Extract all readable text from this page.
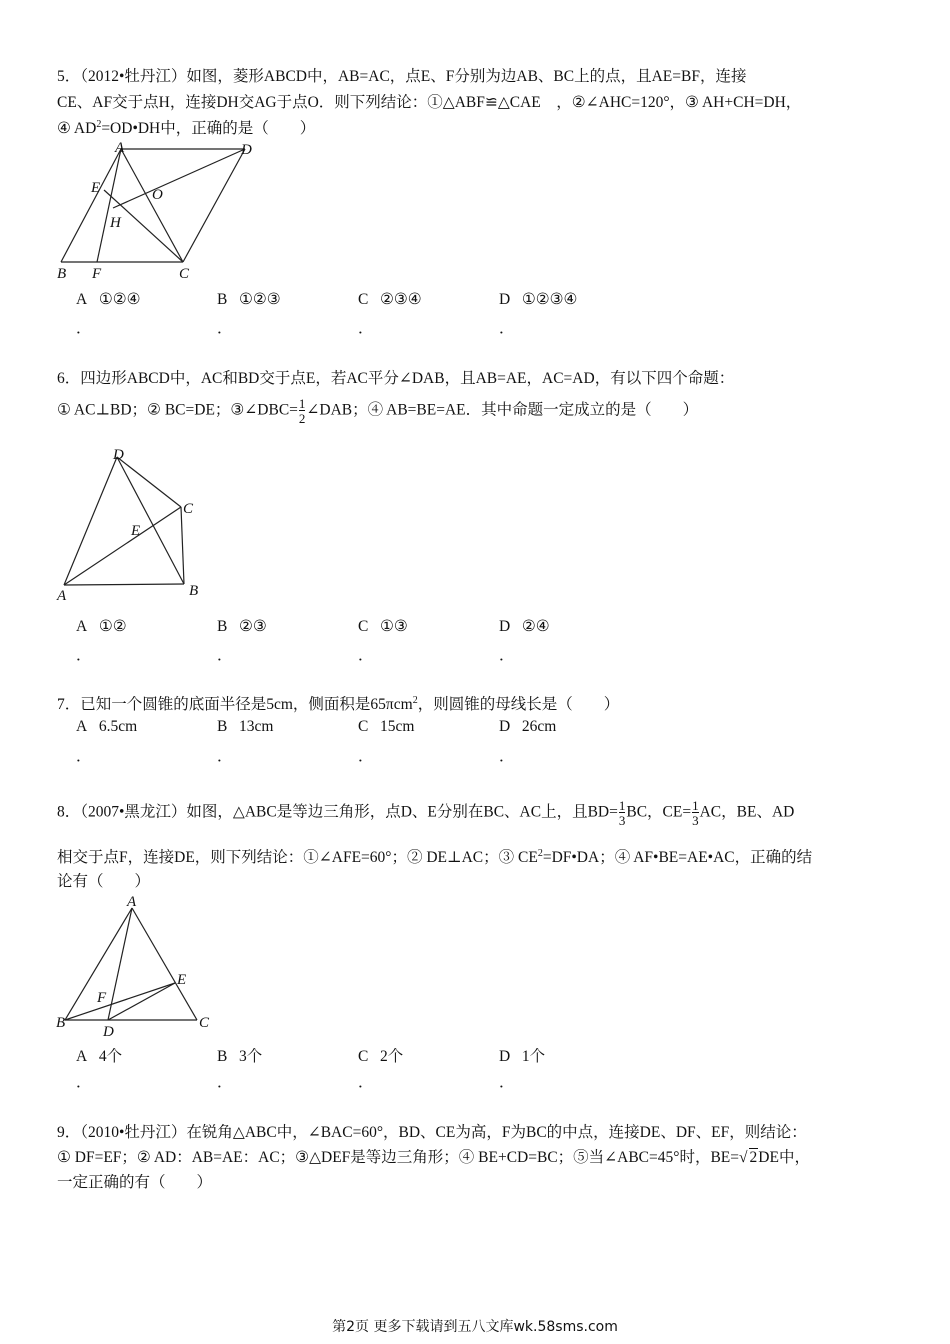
5．（2012•牡丹江）如图，菱形ABCD中，AB=AC，点E、F分别为边AB、BC上的点，且AE=BF，连接
CE、AF交于点H，连接DH交AG于点O．则下列结论：①△ABF≌△CAE　，②∠AHC=120°，③ AH+CH=DH，
④ $AD^2=OD•DH$中，正确的是（　　）
A	D
E	O
H
B F	C
A ①②④	B ①②③	C ②③④	D ①②③④
．	．	．	．
6．四边形ABCD中，AC和BD交于点E，若AC平分∠DAB，且AB=AE，AC=AD，有以下四个命题：
① AC⊥BD；② BC=DE；③∠DBC= $\frac{1}{2}$ ∠DAB；④ AB=BE=AE．其中命题一定成立的是（　　）
D
C
E
A	B
A ①②	B ②③	C ①③	D ②④
．	．	．	．
7．已知一个圆锥的底面半径是5cm，侧面积是65πcm$^2$，则圆锥的母线长是（　　）
A 6.5cm	B 13cm	C 15cm	D 26cm
．	．	．	．
8．（2007•黑龙江）如图，△ABC是等边三角形，点D、E分别在BC、AC上，且$BD= \frac{1}{3}$ BC，$CE= \frac{1}{3}$ AC，BE、AD
相交于点F，连接DE，则下列结论：①∠AFE=60°；② DE⊥AC；③ $CE^2=DF•DA$；④ AF•BE=AE•AC，正确的结
论有（　　）
A
E
F
B
D
C
A 4个	B 3个	C 2个	D 1个
．	．	．	．
9．（2010•牡丹江）在锐角△ABC中，∠BAC=60°，BD、CE为高，F为BC的中点，连接DE、DF、EF，则结论：
① DF=EF；② AD：AB=AE：AC；③△DEF是等边三角形；④ BE+CD=BC；⑤当∠ABC=45°时，BE=√ 2DE中，
一定正确的有（　　）
第2页 更多下载请到五八文库wk.58sms.com
